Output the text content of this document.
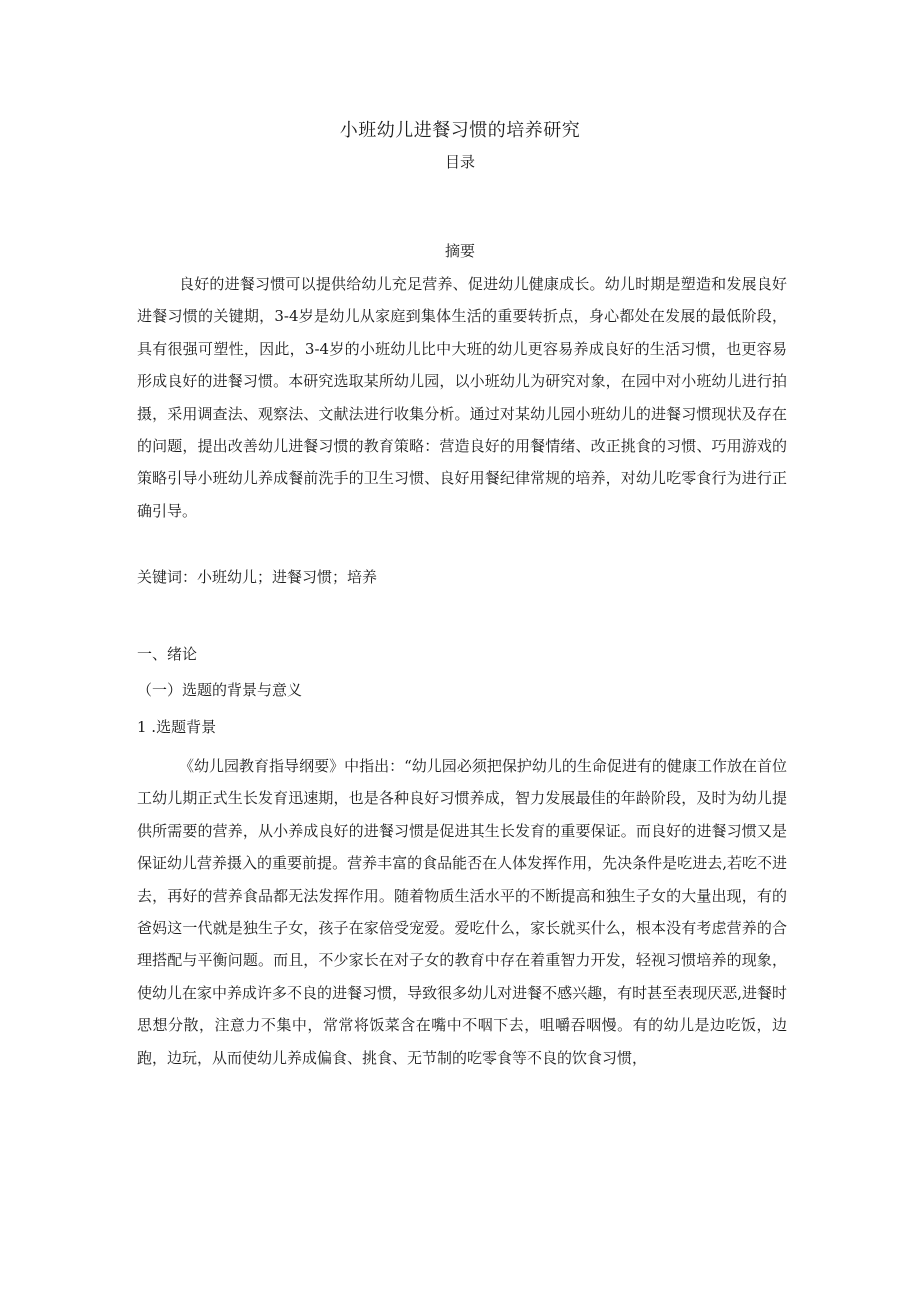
小班幼儿进餐习惯的培养研究
目录
摘要
良好的进餐习惯可以提供给幼儿充足营养、促进幼儿健康成长。幼儿时期是塑造和发展良好进餐习惯的关键期，3-4岁是幼儿从家庭到集体生活的重要转折点，身心都处在发展的最低阶段，具有很强可塑性，因此，3-4岁的小班幼儿比中大班的幼儿更容易养成良好的生活习惯，也更容易形成良好的进餐习惯。本研究选取某所幼儿园，以小班幼儿为研究对象，在园中对小班幼儿进行拍摄，采用调查法、观察法、文献法进行收集分析。通过对某幼儿园小班幼儿的进餐习惯现状及存在的问题，提出改善幼儿进餐习惯的教育策略：营造良好的用餐情绪、改正挑食的习惯、巧用游戏的策略引导小班幼儿养成餐前洗手的卫生习惯、良好用餐纪律常规的培养，对幼儿吃零食行为进行正确引导。
关键词：小班幼儿；进餐习惯；培养
一、绪论
（一）选题的背景与意义
1 .选题背景
《幼儿园教育指导纲要》中指出：“幼儿园必须把保护幼儿的生命促进有的健康工作放在首位工幼儿期正式生长发育迅速期，也是各种良好习惯养成，智力发展最佳的年龄阶段，及时为幼儿提供所需要的营养，从小养成良好的进餐习惯是促进其生长发育的重要保证。而良好的进餐习惯又是保证幼儿营养摄入的重要前提。营养丰富的食品能否在人体发挥作用，先决条件是吃进去,若吃不进去，再好的营养食品都无法发挥作用。随着物质生活水平的不断提高和独生子女的大量出现，有的爸妈这一代就是独生子女，孩子在家倍受宠爱。爱吃什么，家长就买什么，根本没有考虑营养的合理搭配与平衡问题。而且，不少家长在对子女的教育中存在着重智力开发，轻视习惯培养的现象，使幼儿在家中养成许多不良的进餐习惯，导致很多幼儿对进餐不感兴趣，有时甚至表现厌恶,进餐时思想分散，注意力不集中，常常将饭菜含在嘴中不咽下去，咀嚼吞咽慢。有的幼儿是边吃饭，边跑，边玩，从而使幼儿养成偏食、挑食、无节制的吃零食等不良的饮食习惯，
